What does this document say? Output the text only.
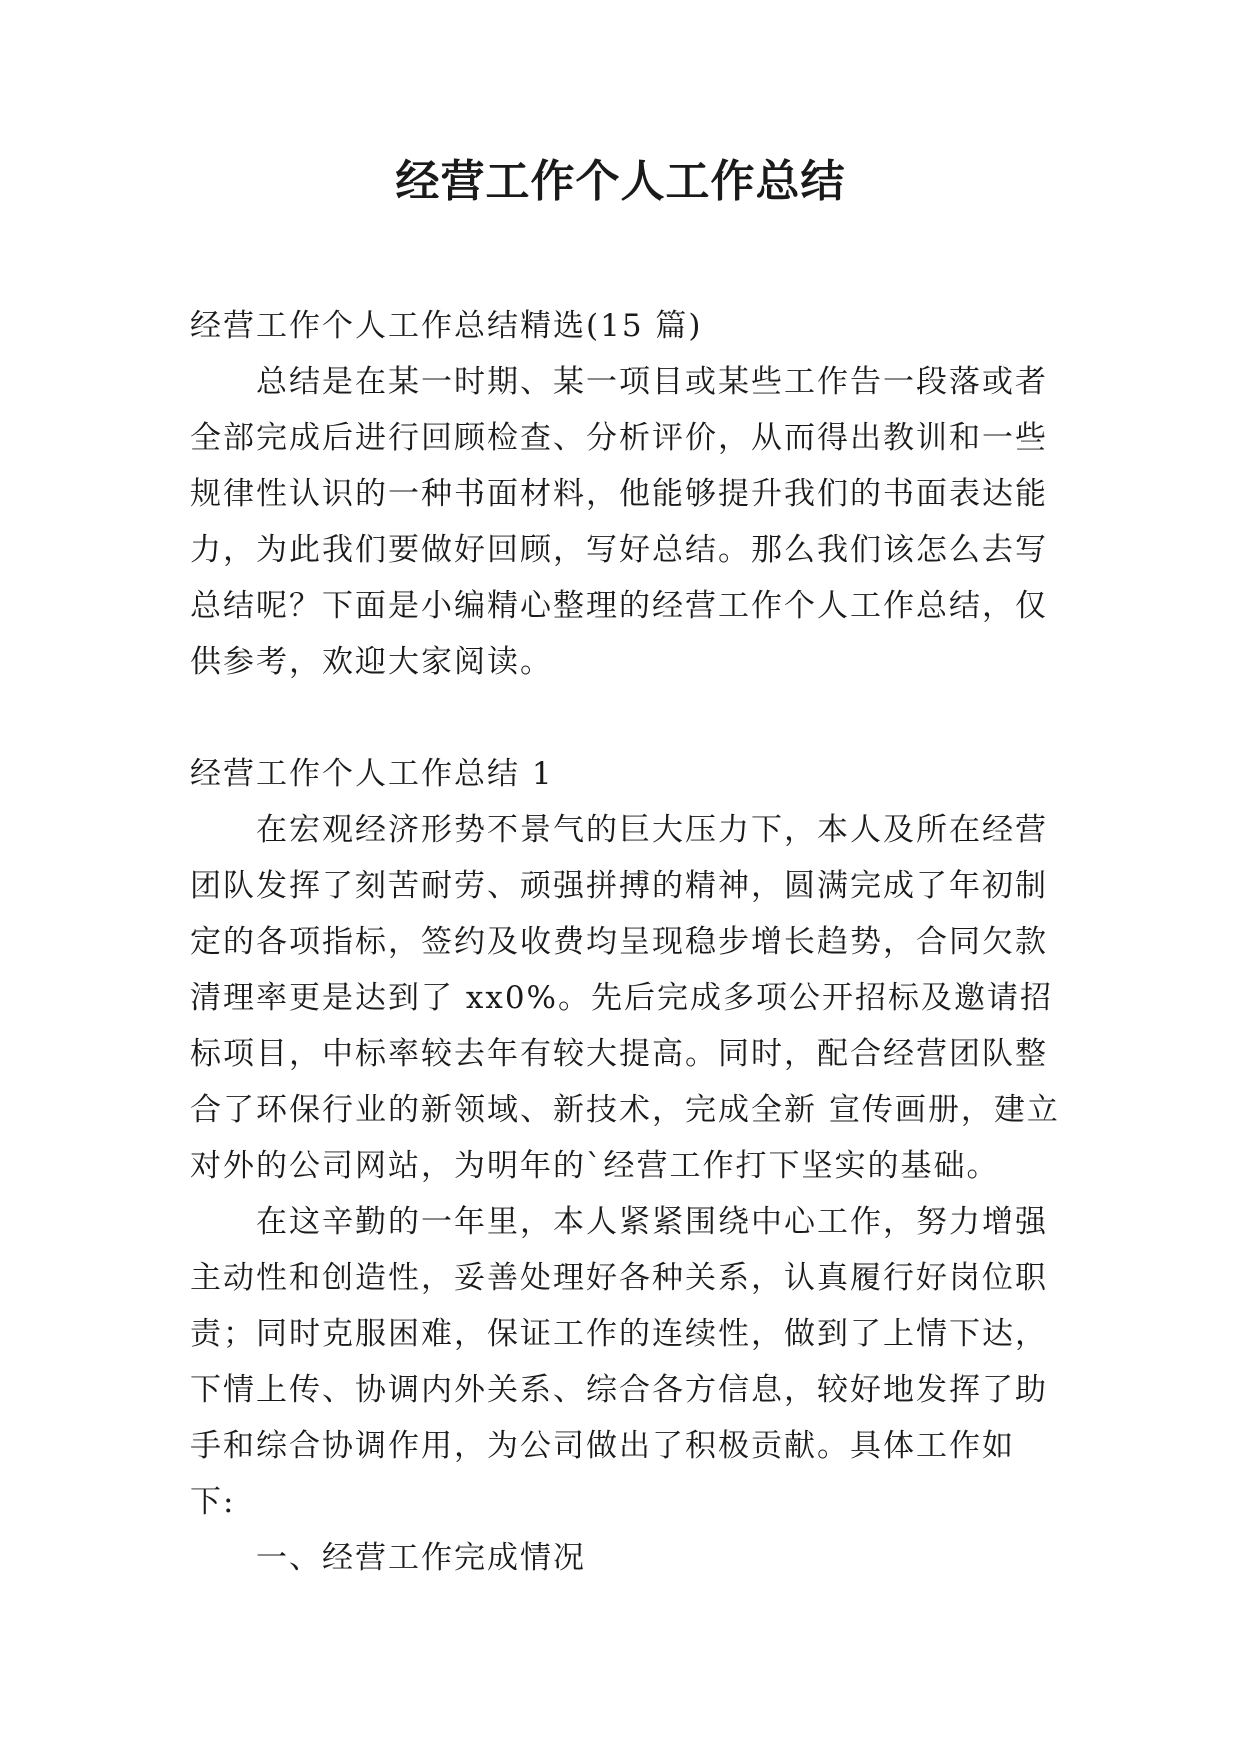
经营工作个人工作总结

经营工作个人工作总结精选(15 篇)

总结是在某一时期、某一项目或某些工作告一段落或者全部完成后进行回顾检查、分析评价，从而得出教训和一些规律性认识的一种书面材料，他能够提升我们的书面表达能力，为此我们要做好回顾，写好总结。那么我们该怎么去写总结呢？下面是小编精心整理的经营工作个人工作总结，仅供参考，欢迎大家阅读。

经营工作个人工作总结 1

在宏观经济形势不景气的巨大压力下，本人及所在经营团队发挥了刻苦耐劳、顽强拼搏的精神，圆满完成了年初制定的各项指标，签约及收费均呈现稳步增长趋势，合同欠款清理率更是达到了 xx0%。先后完成多项公开招标及邀请招标项目，中标率较去年有较大提高。同时，配合经营团队整合了环保行业的新领域、新技术，完成全新 宣传画册，建立对外的公司网站，为明年的`经营工作打下坚实的基础。

在这辛勤的一年里，本人紧紧围绕中心工作，努力增强主动性和创造性，妥善处理好各种关系，认真履行好岗位职责；同时克服困难，保证工作的连续性，做到了上情下达，下情上传、协调内外关系、综合各方信息，较好地发挥了助手和综合协调作用，为公司做出了积极贡献。具体工作如下:

一、经营工作完成情况
